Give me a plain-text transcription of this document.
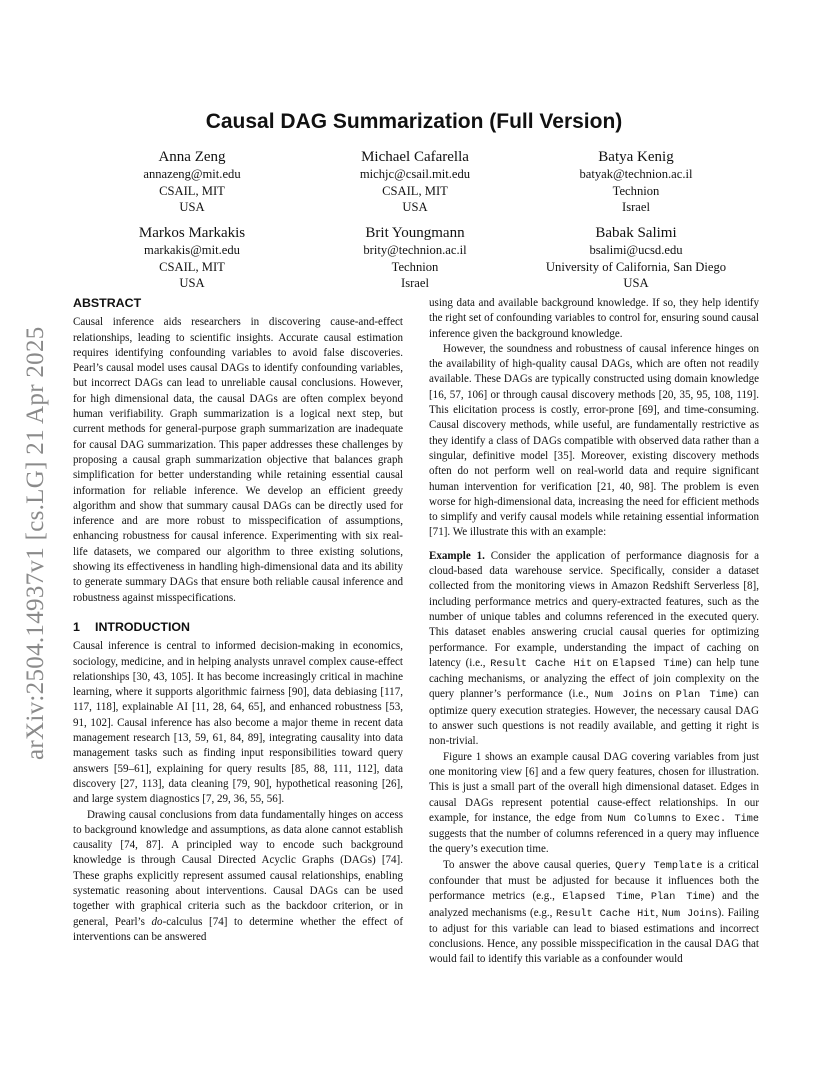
arXiv:2504.14937v1 [cs.LG] 21 Apr 2025
Causal DAG Summarization (Full Version)
Anna Zeng
annazeng@mit.edu
CSAIL, MIT
USA
Michael Cafarella
michjc@csail.mit.edu
CSAIL, MIT
USA
Batya Kenig
batyak@technion.ac.il
Technion
Israel
Markos Markakis
markakis@mit.edu
CSAIL, MIT
USA
Brit Youngmann
brity@technion.ac.il
Technion
Israel
Babak Salimi
bsalimi@ucsd.edu
University of California, San Diego
USA
ABSTRACT

Causal inference aids researchers in discovering cause-and-effect relationships, leading to scientific insights. Accurate causal estimation requires identifying confounding variables to avoid false discoveries. Pearl’s causal model uses causal DAGs to identify confounding variables, but incorrect DAGs can lead to unreliable causal conclusions. However, for high dimensional data, the causal DAGs are often complex beyond human verifiability. Graph summarization is a logical next step, but current methods for general-purpose graph summarization are inadequate for causal DAG summarization. This paper addresses these challenges by proposing a causal graph summarization objective that balances graph simplification for better understanding while retaining essential causal information for reliable inference. We develop an efficient greedy algorithm and show that summary causal DAGs can be directly used for inference and are more robust to misspecification of assumptions, enhancing robustness for causal inference. Experimenting with six real-life datasets, we compared our algorithm to three existing solutions, showing its effectiveness in handling high-dimensional data and its ability to generate summary DAGs that ensure both reliable causal inference and robustness against misspecifications.

1 INTRODUCTION

Causal inference is central to informed decision-making in economics, sociology, medicine, and in helping analysts unravel complex cause-effect relationships [30, 43, 105]. It has become increasingly critical in machine learning, where it supports algorithmic fairness [90], data debiasing [117, 117, 118], explainable AI [11, 28, 64, 65], and enhanced robustness [53, 91, 102]. Causal inference has also become a major theme in recent data management research [13, 59, 61, 84, 89], integrating causality into data management tasks such as finding input responsibilities toward query answers [59–61], explaining for query results [85, 88, 111, 112], data discovery [27, 113], data cleaning [79, 90], hypothetical reasoning [26], and large system diagnostics [7, 29, 36, 55, 56].

Drawing causal conclusions from data fundamentally hinges on access to background knowledge and assumptions, as data alone cannot establish causality [74, 87]. A principled way to encode such background knowledge is through Causal Directed Acyclic Graphs (DAGs) [74]. These graphs explicitly represent assumed causal relationships, enabling systematic reasoning about interventions. Causal DAGs can be used together with graphical criteria such as the backdoor criterion, or in general, Pearl’s do-calculus [74] to determine whether the effect of interventions can be answered

using data and available background knowledge. If so, they help identify the right set of confounding variables to control for, ensuring sound causal inference given the background knowledge.

However, the soundness and robustness of causal inference hinges on the availability of high-quality causal DAGs, which are often not readily available. These DAGs are typically constructed using domain knowledge [16, 57, 106] or through causal discovery methods [20, 35, 95, 108, 119]. This elicitation process is costly, error-prone [69], and time-consuming. Causal discovery methods, while useful, are fundamentally restrictive as they identify a class of DAGs compatible with observed data rather than a singular, definitive model [35]. Moreover, existing discovery methods often do not perform well on real-world data and require significant human intervention for verification [21, 40, 98]. The problem is even worse for high-dimensional data, increasing the need for efficient methods to simplify and verify causal models while retaining essential information [71]. We illustrate this with an example:

Example 1. Consider the application of performance diagnosis for a cloud-based data warehouse service. Specifically, consider a dataset collected from the monitoring views in Amazon Redshift Serverless [8], including performance metrics and query-extracted features, such as the number of unique tables and columns referenced in the executed query. This dataset enables answering crucial causal queries for optimizing performance. For example, understanding the impact of caching on latency (i.e., Result Cache Hit on Elapsed Time) can help tune caching mechanisms, or analyzing the effect of join complexity on the query planner’s performance (i.e., Num Joins on Plan Time) can optimize query execution strategies. However, the necessary causal DAG to answer such questions is not readily available, and getting it right is non-trivial.

Figure 1 shows an example causal DAG covering variables from just one monitoring view [6] and a few query features, chosen for illustration. This is just a small part of the overall high dimensional dataset. Edges in causal DAGs represent potential cause-effect relationships. In our example, for instance, the edge from Num Columns to Exec. Time suggests that the number of columns referenced in a query may influence the query’s execution time.

To answer the above causal queries, Query Template is a critical confounder that must be adjusted for because it influences both the performance metrics (e.g., Elapsed Time, Plan Time) and the analyzed mechanisms (e.g., Result Cache Hit, Num Joins). Failing to adjust for this variable can lead to biased estimations and incorrect conclusions. Hence, any possible misspecification in the causal DAG that would fail to identify this variable as a confounder would
